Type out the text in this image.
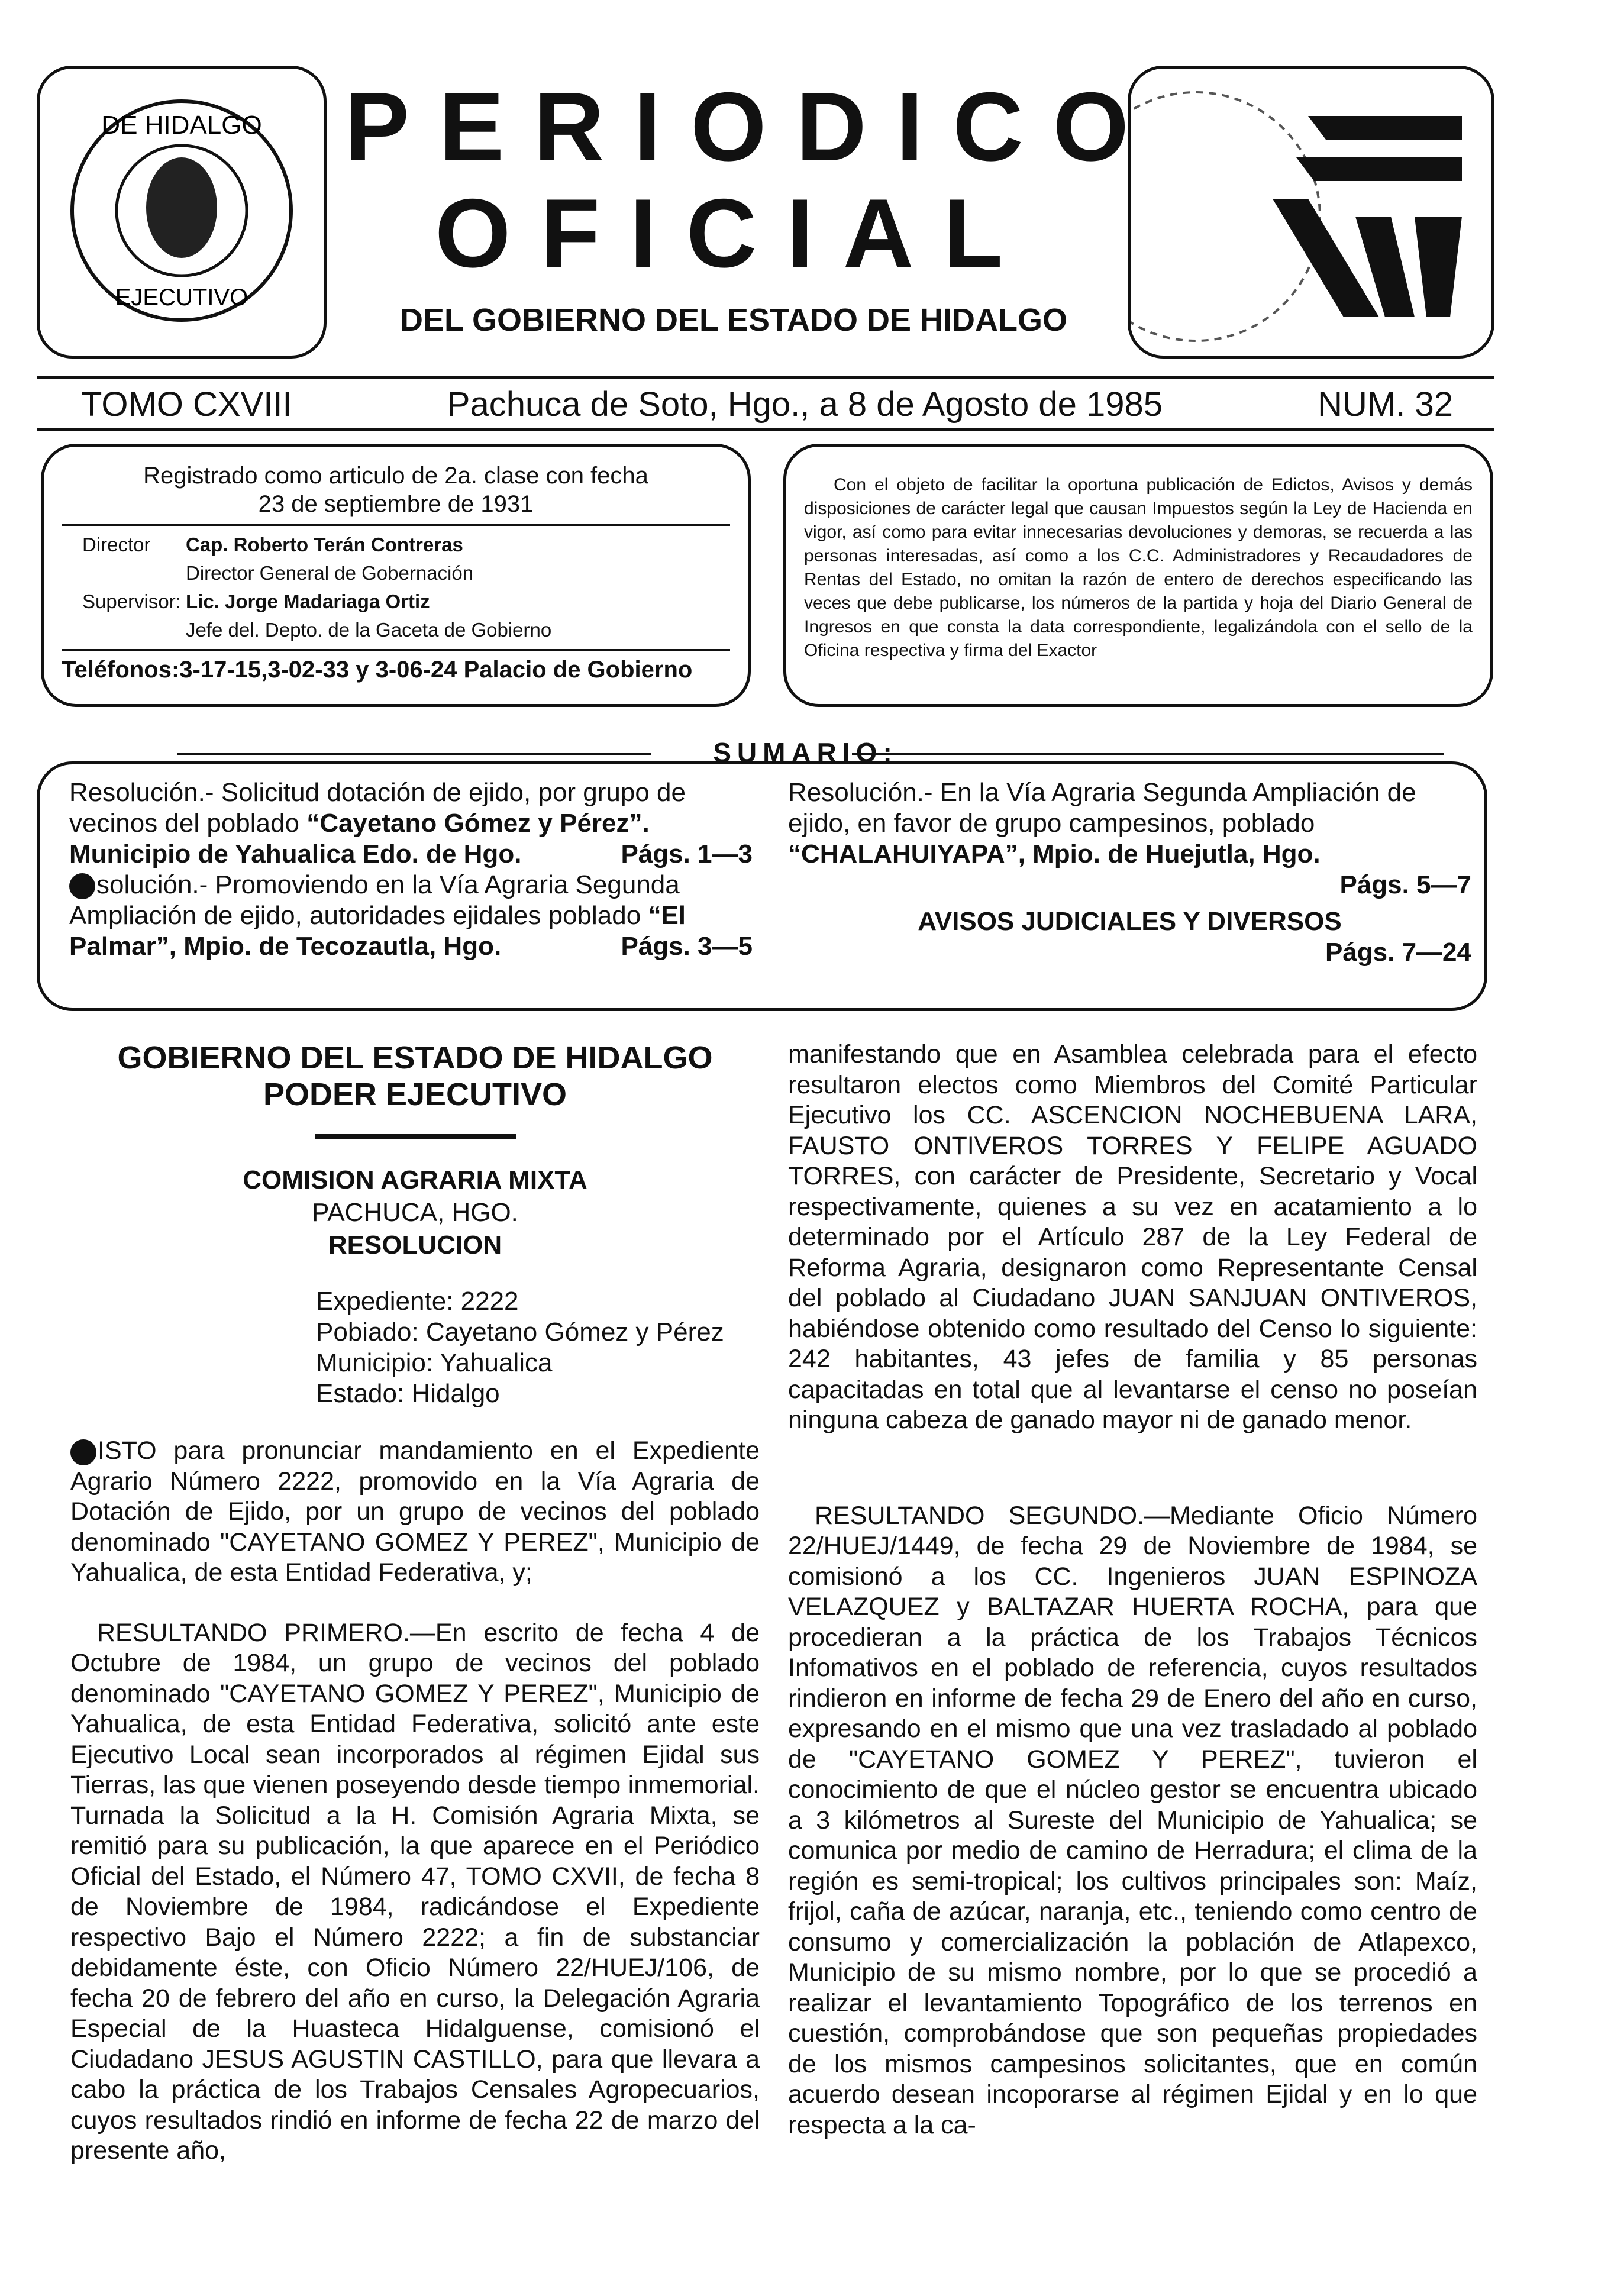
DE HIDALGO
EJECUTIVO
PERIODICO
OFICIAL
DEL GOBIERNO DEL ESTADO DE HIDALGO
TOMO CXVIII	Pachuca de Soto, Hgo., a 8 de Agosto de 1985	NUM. 32
Registrado como articulo de 2a. clase con fecha
23 de septiembre de 1931
Director	Cap. Roberto Terán Contreras
Director General de Gobernación
Supervisor: Lic. Jorge Madariaga Ortiz
Jefe del. Depto. de la Gaceta de Gobierno
Teléfonos:3-17-15,3-02-33 y 3-06-24 Palacio de Gobierno
Con el objeto de facilitar la oportuna publicación de Edictos, Avisos y demás disposiciones de carácter legal que causan Impuestos según la Ley de Hacienda en vigor, así como para evitar innecesarias devoluciones y demoras, se recuerda a las personas interesadas, así como a los C.C. Administradores y Recaudadores de Rentas del Estado, no omitan la razón de entero de derechos especificando las veces que debe publicarse, los números de la partida y hoja del Diario General de Ingresos en que consta la data correspondiente, legalizándola con el sello de la Oficina respectiva y firma del Exactor
SUMARIO:
Resolución.- Solicitud dotación de ejido, por grupo de vecinos del poblado “Cayetano Gómez y Pérez”. Municipio de Yahualica Edo. de Hgo.	Págs. 1—3
solución.- Promoviendo en la Vía Agraria Segunda Ampliación de ejido, autoridades ejidales poblado “El Palmar”, Mpio. de Tecozautla, Hgo.	Págs. 3—5
Resolución.- En la Vía Agraria Segunda Ampliación de ejido, en favor de grupo campesinos, poblado “CHALAHUIYAPA”, Mpio. de Huejutla, Hgo.
Págs. 5—7
AVISOS JUDICIALES Y DIVERSOS
Págs. 7—24
GOBIERNO DEL ESTADO DE HIDALGO
PODER EJECUTIVO
COMISION AGRARIA MIXTA
PACHUCA, HGO.
RESOLUCION
Expediente: 2222
Pobiado: Cayetano Gómez y Pérez
Municipio: Yahualica
Estado: Hidalgo

ISTO para pronunciar mandamiento en el Expediente Agrario Número 2222, promovido en la Vía Agraria de Dotación de Ejido, por un grupo de vecinos del poblado denominado "CAYETANO GOMEZ Y PEREZ", Municipio de Yahualica, de esta Entidad Federativa, y;

RESULTANDO PRIMERO.—En escrito de fecha 4 de Octubre de 1984, un grupo de vecinos del poblado denominado "CAYETANO GOMEZ Y PEREZ", Municipio de Yahualica, de esta Entidad Federativa, solicitó ante este Ejecutivo Local sean incorporados al régimen Ejidal sus Tierras, las que vienen poseyendo desde tiempo inmemorial. Turnada la Solicitud a la H. Comisión Agraria Mixta, se remitió para su publicación, la que aparece en el Periódico Oficial del Estado, el Número 47, TOMO CXVII, de fecha 8 de Noviembre de 1984, radicándose el Expediente respectivo Bajo el Número 2222; a fin de substanciar debidamente éste, con Oficio Número 22/HUEJ/106, de fecha 20 de febrero del año en curso, la Delegación Agraria Especial de la Huasteca Hidalguense, comisionó el Ciudadano JESUS AGUSTIN CASTILLO, para que llevara a cabo la práctica de los Trabajos Censales Agropecuarios, cuyos resultados rindió en informe de fecha 22 de marzo del presente año,

manifestando que en Asamblea celebrada para el efecto resultaron electos como Miembros del Comité Particular Ejecutivo los CC. ASCENCION NOCHEBUENA LARA, FAUSTO ONTIVEROS TORRES Y FELIPE AGUADO TORRES, con carácter de Presidente, Secretario y Vocal respectivamente, quienes a su vez en acatamiento a lo determinado por el Artículo 287 de la Ley Federal de Reforma Agraria, designaron como Representante Censal del poblado al Ciudadano JUAN SANJUAN ONTIVEROS, habiéndose obtenido como resultado del Censo lo siguiente: 242 habitantes, 43 jefes de familia y 85 personas capacitadas en total que al levantarse el censo no poseían ninguna cabeza de ganado mayor ni de ganado menor.

RESULTANDO SEGUNDO.—Mediante Oficio Número 22/HUEJ/1449, de fecha 29 de Noviembre de 1984, se comisionó a los CC. Ingenieros JUAN ESPINOZA VELAZQUEZ y BALTAZAR HUERTA ROCHA, para que procedieran a la práctica de los Trabajos Técnicos Infomativos en el poblado de referencia, cuyos resultados rindieron en informe de fecha 29 de Enero del año en curso, expresando en el mismo que una vez trasladado al poblado de "CAYETANO GOMEZ Y PEREZ", tuvieron el conocimiento de que el núcleo gestor se encuentra ubicado a 3 kilómetros al Sureste del Municipio de Yahualica; se comunica por medio de camino de Herradura; el clima de la región es semi-tropical; los cultivos principales son: Maíz, frijol, caña de azúcar, naranja, etc., teniendo como centro de consumo y comercialización la población de Atlapexco, Municipio de su mismo nombre, por lo que se procedió a realizar el levantamiento Topográfico de los terrenos en cuestión, comprobándose que son pequeñas propiedades de los mismos campesinos solicitantes, que en común acuerdo desean incoporarse al régimen Ejidal y en lo que respecta a la ca-
